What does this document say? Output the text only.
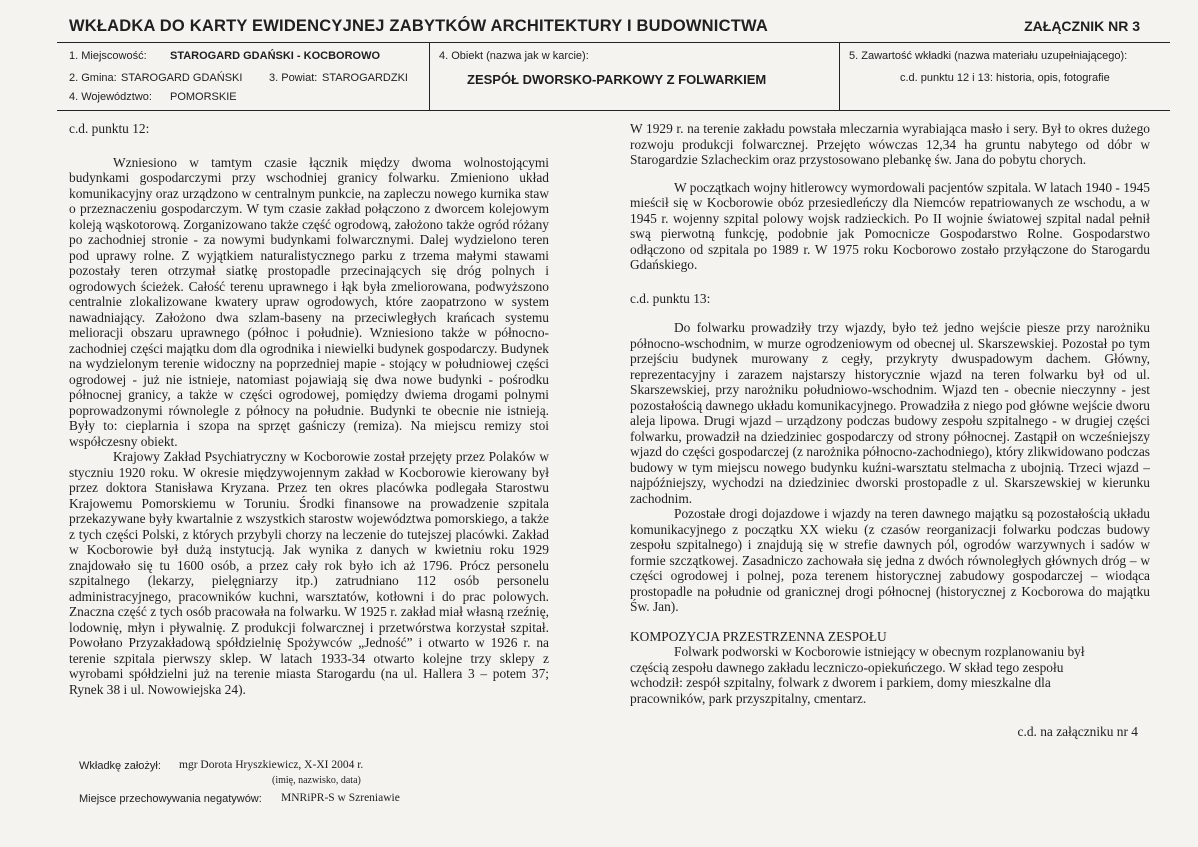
WKŁADKA DO KARTY EWIDENCYJNEJ ZABYTKÓW ARCHITEKTURY I BUDOWNICTWA	ZAŁĄCZNIK NR 3
1. Miejscowość: STAROGARD GDAŃSKI - KOCBOROWO
2. Gmina: STAROGARD GDAŃSKI 3. Powiat: STAROGARDZKI
4. Województwo: POMORSKIE
4. Obiekt (nazwa jak w karcie):
ZESPÓŁ DWORSKO-PARKOWY Z FOLWARKIEM
5. Zawartość wkładki (nazwa materiału uzupełniającego):
c.d. punktu 12 i 13: historia, opis, fotografie

c.d. punktu 12:

Wzniesiono w tamtym czasie łącznik między dwoma wolnostojącymi budynkami gospodarczymi przy wschodniej granicy folwarku. Zmieniono układ komunikacyjny oraz urządzono w centralnym punkcie, na zapleczu nowego kurnika staw o przeznaczeniu gospodarczym. W tym czasie zakład połączono z dworcem kolejowym koleją wąskotorową. Zorganizowano także część ogrodową, założono także ogród różany po zachodniej stronie - za nowymi budynkami folwarcznymi. Dalej wydzielono teren pod uprawy rolne. Z wyjątkiem naturalistycznego parku z trzema małymi stawami pozostały teren otrzymał siatkę prostopadle przecinających się dróg polnych i ogrodowych ścieżek. Całość terenu uprawnego i łąk była zmeliorowana, podwyższono centralnie zlokalizowane kwatery upraw ogrodowych, które zaopatrzono w system nawadniający. Założono dwa szlam-baseny na przeciwległych krańcach systemu melioracji obszaru uprawnego (północ i południe). Wzniesiono także w północno-zachodniej części majątku dom dla ogrodnika i niewielki budynek gospodarczy. Budynek na wydzielonym terenie widoczny na poprzedniej mapie - stojący w południowej części ogrodowej - już nie istnieje, natomiast pojawiają się dwa nowe budynki - pośrodku północnej granicy, a także w części ogrodowej, pomiędzy dwiema drogami polnymi poprowadzonymi równolegle z północy na południe. Budynki te obecnie nie istnieją. Były to: cieplarnia i szopa na sprzęt gaśniczy (remiza). Na miejscu remizy stoi współczesny obiekt.

Krajowy Zakład Psychiatryczny w Kocborowie został przejęty przez Polaków w styczniu 1920 roku. W okresie międzywojennym zakład w Kocborowie kierowany był przez doktora Stanisława Kryzana. Przez ten okres placówka podlegała Starostwu Krajowemu Pomorskiemu w Toruniu. Środki finansowe na prowadzenie szpitala przekazywane były kwartalnie z wszystkich starostw województwa pomorskiego, a także z tych części Polski, z których przybyli chorzy na leczenie do tutejszej placówki. Zakład w Kocborowie był dużą instytucją. Jak wynika z danych w kwietniu roku 1929 znajdowało się tu 1600 osób, a przez cały rok było ich aż 1796. Prócz personelu szpitalnego (lekarzy, pielęgniarzy itp.) zatrudniano 112 osób personelu administracyjnego, pracowników kuchni, warsztatów, kotłowni i do prac polowych. Znaczna część z tych osób pracowała na folwarku. W 1925 r. zakład miał własną rzeźnię, lodownię, młyn i pływalnię. Z produkcji folwarcznej i przetwórstwa korzystał szpitał. Powołano Przyzakładową spółdzielnię Spożywców „Jedność” i otwarto w 1926 r. na terenie szpitala pierwszy sklep. W latach 1933-34 otwarto kolejne trzy sklepy z wyrobami spółdzielni już na terenie miasta Starogardu (na ul. Hallera 3 – potem 37; Rynek 38 i ul. Nowowiejska 24).

W 1929 r. na terenie zakładu powstała mleczarnia wyrabiająca masło i sery. Był to okres dużego rozwoju produkcji folwarcznej. Przejęto wówczas 12,34 ha gruntu nabytego od dóbr w Starogardzie Szlacheckim oraz przystosowano plebankę św. Jana do pobytu chorych.

W początkach wojny hitlerowcy wymordowali pacjentów szpitala. W latach 1940 - 1945 mieścił się w Kocborowie obóz przesiedleńczy dla Niemców repatriowanych ze wschodu, a w 1945 r. wojenny szpital polowy wojsk radzieckich. Po II wojnie światowej szpital nadal pełnił swą pierwotną funkcję, podobnie jak Pomocnicze Gospodarstwo Rolne. Gospodarstwo odłączono od szpitala po 1989 r. W 1975 roku Kocborowo zostało przyłączone do Starogardu Gdańskiego.

c.d. punktu 13:

Do folwarku prowadziły trzy wjazdy, było też jedno wejście piesze przy narożniku północno-wschodnim, w murze ogrodzeniowym od obecnej ul. Skarszewskiej. Pozostał po tym przejściu budynek murowany z cegły, przykryty dwuspadowym dachem. Główny, reprezentacyjny i zarazem najstarszy historycznie wjazd na teren folwarku był od ul. Skarszewskiej, przy narożniku południowo-wschodnim. Wjazd ten - obecnie nieczynny - jest pozostałością dawnego układu komunikacyjnego. Prowadziła z niego pod główne wejście dworu aleja lipowa. Drugi wjazd – urządzony podczas budowy zespołu szpitalnego - w drugiej części folwarku, prowadził na dziedziniec gospodarczy od strony północnej. Zastąpił on wcześniejszy wjazd do części gospodarczej (z narożnika północno-zachodniego), który zlikwidowano podczas budowy w tym miejscu nowego budynku kuźni-warsztatu stelmacha z ubojnią. Trzeci wjazd – najpóźniejszy, wychodzi na dziedziniec dworski prostopadle z ul. Skarszewskiej w kierunku zachodnim.

Pozostałe drogi dojazdowe i wjazdy na teren dawnego majątku są pozostałością układu komunikacyjnego z początku XX wieku (z czasów reorganizacji folwarku podczas budowy zespołu szpitalnego) i znajdują się w strefie dawnych pól, ogrodów warzywnych i sadów w formie szczątkowej. Zasadniczo zachowała się jedna z dwóch równoległych głównych dróg – w części ogrodowej i polnej, poza terenem historycznej zabudowy gospodarczej – wiodąca prostopadle na południe od granicznej drogi północnej (historycznej z Kocborowa do majątku Św. Jan).

KOMPOZYCJA PRZESTRZENNA ZESPOŁU

Folwark podworski w Kocborowie istniejący w obecnym rozplanowaniu był częścią zespołu dawnego zakładu leczniczo-opiekuńczego. W skład tego zespołu wchodził: zespół szpitalny, folwark z dworem i parkiem, domy mieszkalne dla pracowników, park przyszpitalny, cmentarz.

c.d. na załączniku nr 4

Wkładkę założył: mgr Dorota Hryszkiewicz, X-XI 2004 r.
(imię, nazwisko, data)
Miejsce przechowywania negatywów: MNRiPR-S w Szreniawie
